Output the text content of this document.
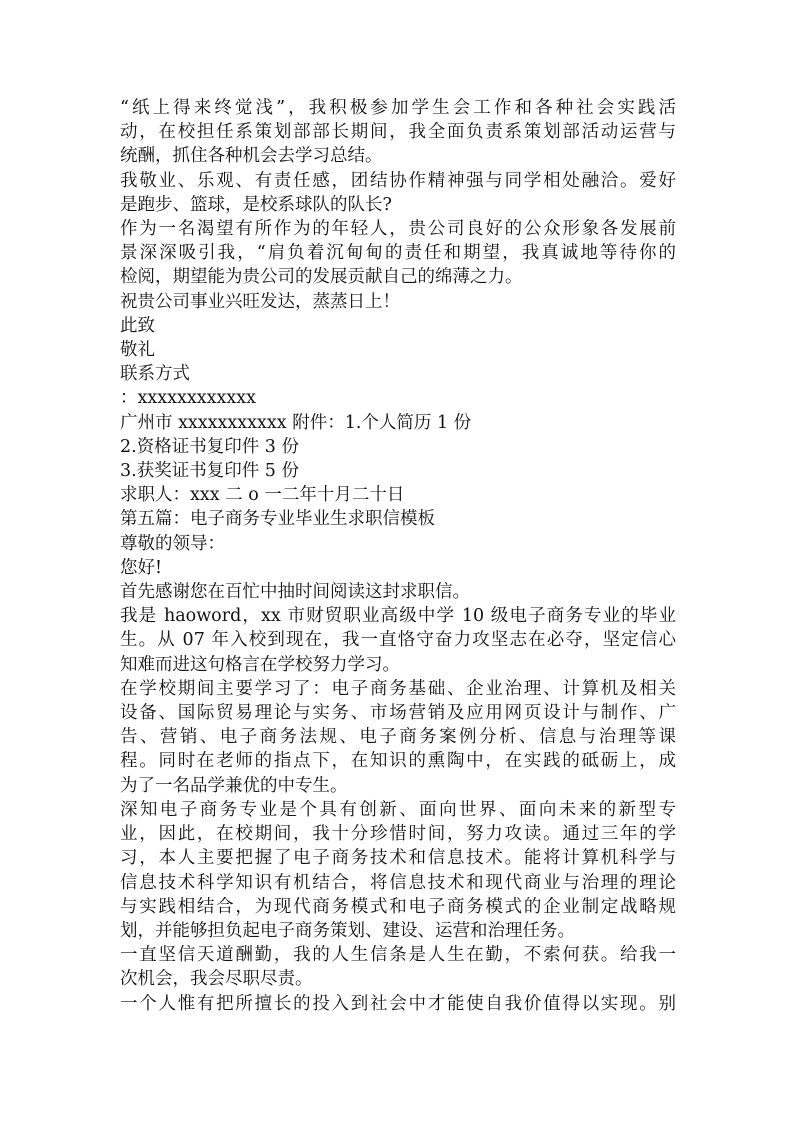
“纸上得来终觉浅”，我积极参加学生会工作和各种社会实践活
动，在校担任系策划部部长期间，我全面负责系策划部活动运营与
统酬，抓住各种机会去学习总结。
我敬业、乐观、有责任感，团结协作精神强与同学相处融洽。爱好
是跑步、篮球，是校系球队的队长?
作为一名渴望有所作为的年轻人，贵公司良好的公众形象各发展前
景深深吸引我，“肩负着沉甸甸的责任和期望，我真诚地等待你的
检阅，期望能为贵公司的发展贡献自己的绵薄之力。
祝贵公司事业兴旺发达，蒸蒸日上！
此致
敬礼
联系方式
：xxxxxxxxxxxx
广州市 xxxxxxxxxxx 附件：1.个人简历 1 份
2.资格证书复印件 3 份
3.获奖证书复印件 5 份
求职人：xxx 二 o 一二年十月二十日
第五篇：电子商务专业毕业生求职信模板
尊敬的领导：
您好!
首先感谢您在百忙中抽时间阅读这封求职信。
我是 haoword，xx 市财贸职业高级中学 10 级电子商务专业的毕业
生。从 07 年入校到现在，我一直恪守奋力攻坚志在必夺，坚定信心
知难而进这句格言在学校努力学习。
在学校期间主要学习了：电子商务基础、企业治理、计算机及相关
设备、国际贸易理论与实务、市场营销及应用网页设计与制作、广
告、营销、电子商务法规、电子商务案例分析、信息与治理等课
程。同时在老师的指点下，在知识的熏陶中，在实践的砥砺上，成
为了一名品学兼优的中专生。
深知电子商务专业是个具有创新、面向世界、面向未来的新型专
业，因此，在校期间，我十分珍惜时间，努力攻读。通过三年的学
习，本人主要把握了电子商务技术和信息技术。能将计算机科学与
信息技术科学知识有机结合，将信息技术和现代商业与治理的理论
与实践相结合，为现代商务模式和电子商务模式的企业制定战略规
划，并能够担负起电子商务策划、建设、运营和治理任务。
一直坚信天道酬勤，我的人生信条是人生在勤，不索何获。给我一
次机会，我会尽职尽责。
一个人惟有把所擅长的投入到社会中才能使自我价值得以实现。别
